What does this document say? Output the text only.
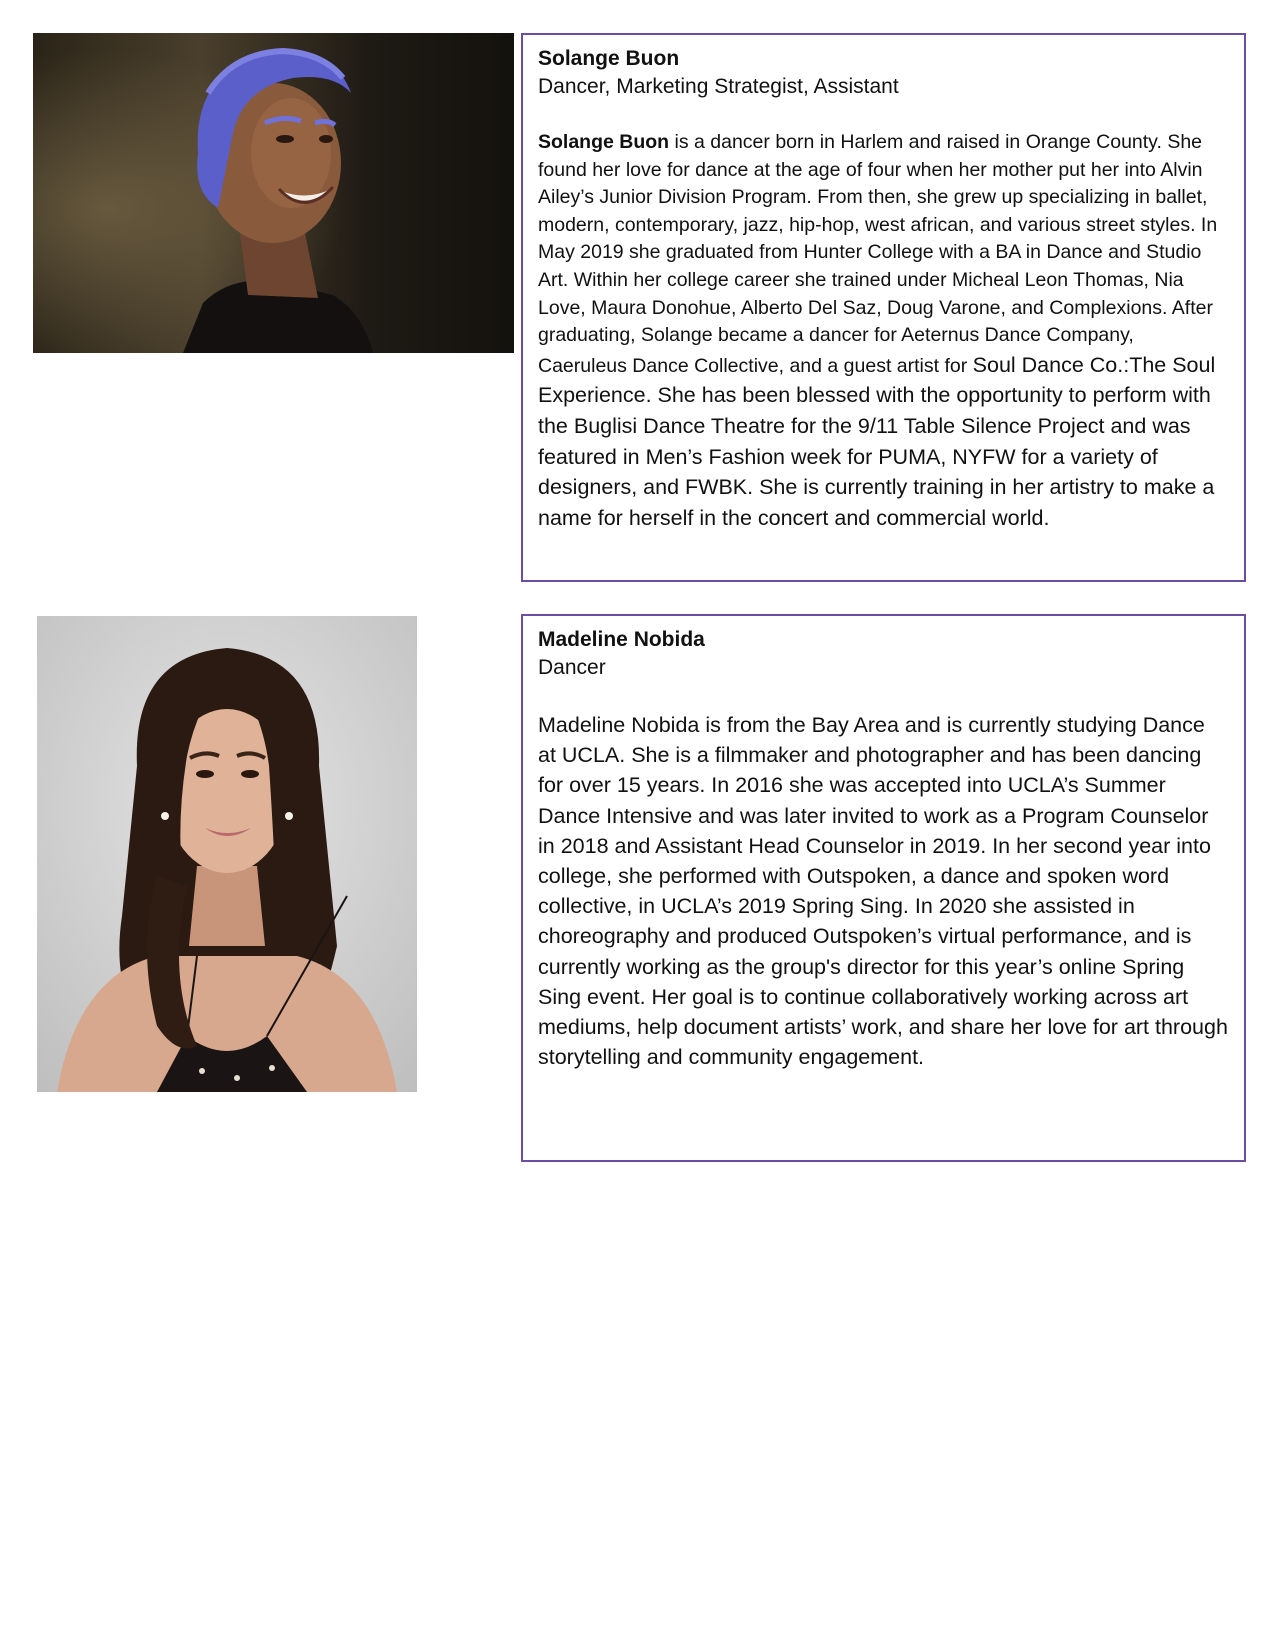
Solange Buon
Dancer, Marketing Strategist, Assistant
Solange Buon is a dancer born in Harlem and raised in Orange County. She found her love for dance at the age of four when her mother put her into Alvin Ailey’s Junior Division Program. From then, she grew up specializing in ballet, modern, contemporary, jazz, hip-hop, west african, and various street styles. In May 2019 she graduated from Hunter College with a BA in Dance and Studio Art. Within her college career she trained under Micheal Leon Thomas, Nia Love, Maura Donohue, Alberto Del Saz, Doug Varone, and Complexions. After graduating, Solange became a dancer for Aeternus Dance Company, Caeruleus Dance Collective, and a guest artist for Soul Dance Co.:The Soul Experience. She has been blessed with the opportunity to perform with the Buglisi Dance Theatre for the 9/11 Table Silence Project and was featured in Men’s Fashion week for PUMA, NYFW for a variety of designers, and FWBK. She is currently training in her artistry to make a name for herself in the concert and commercial world.
Madeline Nobida
Dancer
Madeline Nobida is from the Bay Area and is currently studying Dance at UCLA. She is a filmmaker and photographer and has been dancing for over 15 years. In 2016 she was accepted into UCLA’s Summer Dance Intensive and was later invited to work as a Program Counselor in 2018 and Assistant Head Counselor in 2019. In her second year into college, she performed with Outspoken, a dance and spoken word collective, in UCLA’s 2019 Spring Sing. In 2020 she assisted in choreography and produced Outspoken’s virtual performance, and is currently working as the group's director for this year’s online Spring Sing event. Her goal is to continue collaboratively working across art mediums, help document artists’ work, and share her love for art through storytelling and community engagement.
